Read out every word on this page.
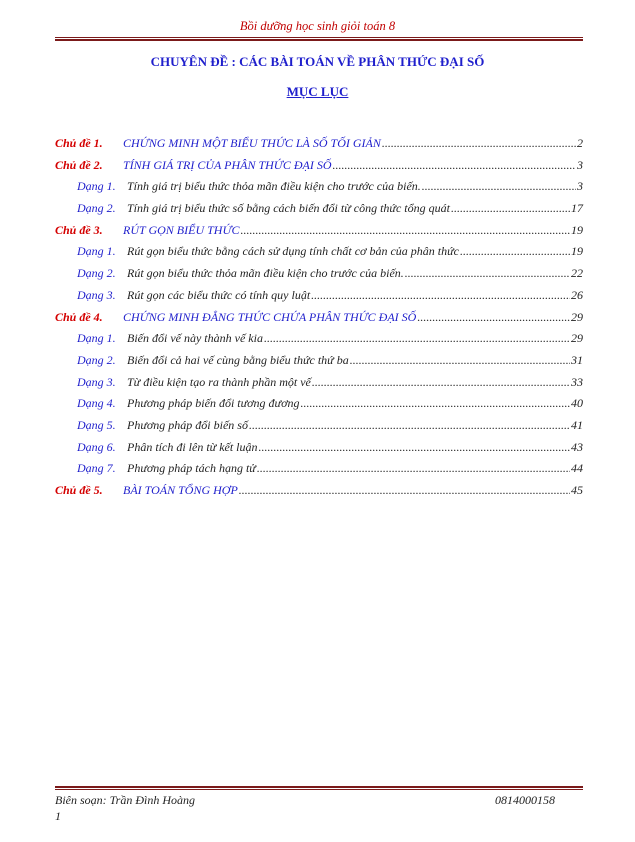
Bồi dưỡng học sinh giỏi toán 8
CHUYÊN ĐỀ : CÁC BÀI TOÁN VỀ PHÂN THỨC ĐẠI SỐ
MỤC LỤC
Chủ đề 1.	CHỨNG MINH MỘT BIỂU THỨC LÀ SỐ TỐI GIẢN .....	2
Chủ đề 2.	TÍNH GIÁ TRỊ CỦA PHÂN THỨC ĐẠI SỐ .....	3
Dạng 1. Tính giá trị biểu thức thỏa mãn điều kiện cho trước của biến. .....	3
Dạng 2. Tính giá trị biểu thức số bằng cách biến đổi từ công thức tổng quát .....	17
Chủ đề 3.	RÚT GỌN BIỂU THỨC .....	19
Dạng 1. Rút gọn biểu thức bằng cách sử dụng tính chất cơ bản của phân thức .....	19
Dạng 2. Rút gọn biểu thức thỏa mãn điều kiện cho trước của biến. .....	22
Dạng 3. Rút gọn các biểu thức có tính quy luật .....	26
Chủ đề 4.	CHỨNG MINH ĐẲNG THỨC CHỨA PHÂN THỨC ĐẠI SỐ .....	29
Dạng 1. Biến đổi vế này thành vế kia .....	29
Dạng 2. Biến đổi cả hai vế cùng bằng biểu thức thứ ba .....	31
Dạng 3. Từ điều kiện tạo ra thành phần một vế .....	33
Dạng 4. Phương pháp biến đổi tương đương .....	40
Dạng 5. Phương pháp đổi biến số .....	41
Dạng 6. Phân tích đi lên từ kết luận .....	43
Dạng 7. Phương pháp tách hạng tử .....	44
Chủ đề 5.	BÀI TOÁN TỔNG HỢP .....	45
Biên soạn: Trần Đình Hoàng	0814000158
1
